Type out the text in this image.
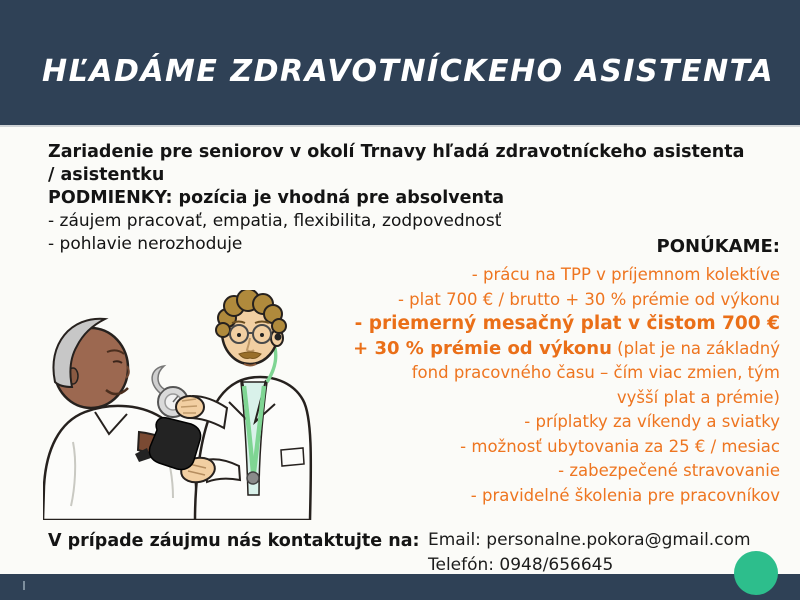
HĽADÁME ZDRAVOTNÍCKEHO ASISTENTA
Zariadenie pre seniorov v okolí Trnavy hľadá zdravotníckeho asistenta
/ asistentku
PODMIENKY: pozícia je vhodná pre absolventa
- záujem pracovať, empatia, flexibilita, zodpovednosť
- pohlavie nerozhoduje	PONÚKAME:
- prácu na TPP v príjemnom kolektíve
- plat 700 € / brutto + 30 % prémie od výkonu
- priemerný mesačný plat v čistom 700 €
+ 30 % prémie od výkonu (plat je na základný
fond pracovného času – čím viac zmien, tým
vyšší plat a prémie)
- príplatky za víkendy a sviatky
- možnosť ubytovania za 25 € / mesiac
- zabezpečené stravovanie
- pravidelné školenia pre pracovníkov
V prípade záujmu nás kontaktujte na: Email: personalne.pokora@gmail.com
Telefón: 0948/656645
